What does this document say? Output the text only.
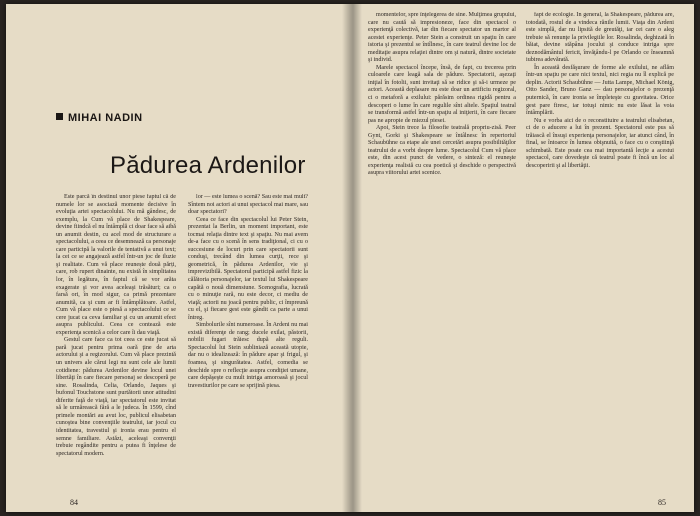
MIHAI NADIN
Pădurea Ardenilor

Este parcă în destinul unor piese faptul că de numele lor se asociază momente decisive în evoluţia artei spectacolului. Nu mă gândesc, de exemplu, la Cum vă place de Shakespeare, devine fiindcă el nu întâmplă ci doar face să aibă un anumit destin, cu acel mod de structurare a spectacolului, a ceea ce desemnează ca personaje care participă la valorile de tentativă a unui text; la cei ce se angajează astfel într-un joc de iluzie şi realitate. Cum vă place reunește două părți, care, rob rupert dinainte, nu există în simplitatea lor, în legătura, în faptul că se vor arăta exagerate şi vor avea aceleaşi trăsături; ca o farsă ori, în mod sigur, ca primă prezentare anumită, ca şi cum ar fi întâmplătoare. Astfel, Cum vă place este o piesă a spectacolului ce se cere jucat ca ceva familiar şi cu un anumit efect asupra publicului. Ceea ce contează este experienţa scenică a celor care îi dau viaţă.

Gestul care face ca tot ceea ce este jucat să pară jucat pentru prima oară ţine de arta actorului şi a regizorului. Cum vă place prezintă un univers ale cărui legi nu sunt cele ale lumii cotidiene: pădurea Ardenilor devine locul unei libertăţi în care fiecare personaj se descoperă pe sine. Rosalinda, Celia, Orlando, Jaques şi bufonul Touchstone sunt purtătorii unor atitudini diferite faţă de viaţă, iar spectatorul este invitat să le urmărească fără a le judeca. În 1599, cînd primele montări au avut loc, publicul elisabetan cunoştea bine convenţiile teatrului, iar jocul cu identitatea, travestiul şi ironia erau pentru el semne familiare. Astăzi, aceleaşi convenţii trebuie regândite pentru a putea fi înţelese de spectatorul modern.

lor — este lumea o scenă? Sau este mai mult? Sîntem noi actori ai unui spectacol mai mare, sau doar spectatori?

Ceea ce face din spectacolul lui Peter Stein, prezentat la Berlin, un moment important, este tocmai relaţia dintre text şi spaţiu. Nu mai avem de-a face cu o scenă în sens tradiţional, ci cu o succesiune de locuri prin care spectatorii sunt conduşi, trecând din lumea curţii, rece şi geometrică, în pădurea Ardenilor, vie şi imprevizibilă. Spectatorul participă astfel fizic la călătoria personajelor, iar textul lui Shakespeare capătă o nouă dimensiune. Scenografia, lucrată cu o minuţie rară, nu este decor, ci mediu de viaţă; actorii nu joacă pentru public, ci împreună cu el, şi fiecare gest este gândit ca parte a unui întreg.

Simbolurile sînt numeroase. În Ardeni nu mai există diferenţe de rang; ducele exilat, păstorii, nobilii fugari trăiesc după alte reguli. Spectacolul lui Stein subliniază această utopie, dar nu o idealizează: în pădure apar şi frigul, şi foamea, şi singurătatea. Astfel, comedia se deschide spre o reflecţie asupra condiţiei umane, care depăşeşte cu mult intriga amoroasă şi jocul travestiurilor pe care se sprijină piesa.

84

momentelor, spre înţelegerea de sine. Mulţimea grupului, care nu caută să impresioneze, face din spectacol o experienţă colectivă, iar din fiecare spectator un martor al acestei experienţe. Peter Stein a construit un spaţiu în care istoria şi prezentul se întîlnesc, în care teatrul devine loc de meditaţie asupra relaţiei dintre om şi natură, dintre societate şi individ.

Marele spectacol începe, însă, de fapt, cu trecerea prin culoarele care leagă sala de pădure. Spectatorii, aşezaţi iniţial în fotolii, sunt invitaţi să se ridice şi să-i urmeze pe actori. Această deplasare nu este doar un artificiu regizoral, ci o metaforă a exilului: părăsim ordinea rigidă pentru a descoperi o lume în care regulile sînt altele. Spaţiul teatral se transformă astfel într-un spaţiu al iniţierii, în care fiecare pas ne apropie de miezul piesei.

Apoi, Stein trece la filosofie teatrală propriu-zisă. Peer Gynt, Gorki şi Shakespeare se întâlnesc în repertoriul Schaubühne ca etape ale unei cercetări asupra posibilităţilor teatrului de a vorbi despre lume. Spectacolul Cum vă place este, din acest punct de vedere, o sinteză: el reuneşte experienţa realistă cu cea poetică şi deschide o perspectivă asupra viitorului artei scenice.

fapt de ecologie. În general, la Shakespeare, pădurea are, totodată, rostul de a vindeca rănile lumii. Viaţa din Ardeni este simplă, dar nu lipsită de greutăţi, iar cei care o aleg trebuie să renunţe la privilegiile lor. Rosalinda, deghizată în băiat, devine stăpâna jocului şi conduce intriga spre deznodământul fericit, învăţându-l pe Orlando ce înseamnă iubirea adevărată.

În această desfăşurare de forme ale exilului, ne aflăm într-un spaţiu pe care nici textul, nici regia nu îl explică pe deplin. Actorii Schaubühne — Jutta Lampe, Michael König, Otto Sander, Bruno Ganz — dau personajelor o prezenţă puternică, în care ironia se împleteşte cu gravitatea. Orice gest pare firesc, iar totuşi nimic nu este lăsat la voia întâmplării.

Nu e vorba aici de o reconstituire a teatrului elisabetan, ci de o aducere a lui în prezent. Spectatorul este pus să trăiască el însuşi experienţa personajelor, iar atunci când, în final, se întoarce în lumea obişnuită, o face cu o conştiinţă schimbată. Este poate cea mai importantă lecţie a acestui spectacol, care dovedeşte că teatrul poate fi încă un loc al descoperirii şi al libertăţii.

85
